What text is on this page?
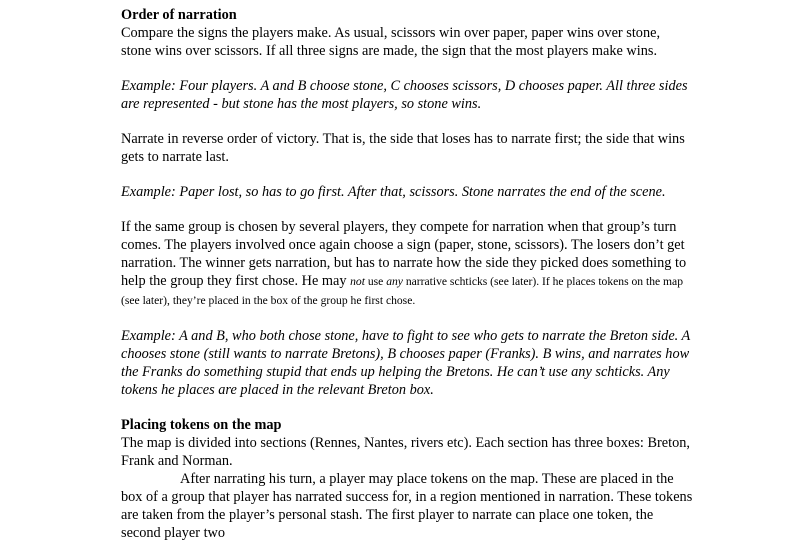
Order of narration

Compare the signs the players make. As usual, scissors win over paper, paper wins over stone, stone wins over scissors. If all three signs are made, the sign that the most players make wins.

Example: Four players. A and B choose stone, C chooses scissors, D chooses paper. All three sides are represented - but stone has the most players, so stone wins.

Narrate in reverse order of victory. That is, the side that loses has to narrate first; the side that wins gets to narrate last.

Example: Paper lost, so has to go first. After that, scissors. Stone narrates the end of the scene.

If the same group is chosen by several players, they compete for narration when that group’s turn comes. The players involved once again choose a sign (paper, stone, scissors). The losers don’t get narration. The winner gets narration, but has to narrate how the side they picked does something to help the group they first chose. He may not use any narrative schticks (see later). If he places tokens on the map (see later), they’re placed in the box of the group he first chose.

Example: A and B, who both chose stone, have to fight to see who gets to narrate the Breton side. A chooses stone (still wants to narrate Bretons), B chooses paper (Franks). B wins, and narrates how the Franks do something stupid that ends up helping the Bretons. He can’t use any schticks. Any tokens he places are placed in the relevant Breton box.

Placing tokens on the map

The map is divided into sections (Rennes, Nantes, rivers etc). Each section has three boxes: Breton, Frank and Norman.

After narrating his turn, a player may place tokens on the map. These are placed in the box of a group that player has narrated success for, in a region mentioned in narration. These tokens are taken from the player’s personal stash. The first player to narrate can place one token, the second player two
